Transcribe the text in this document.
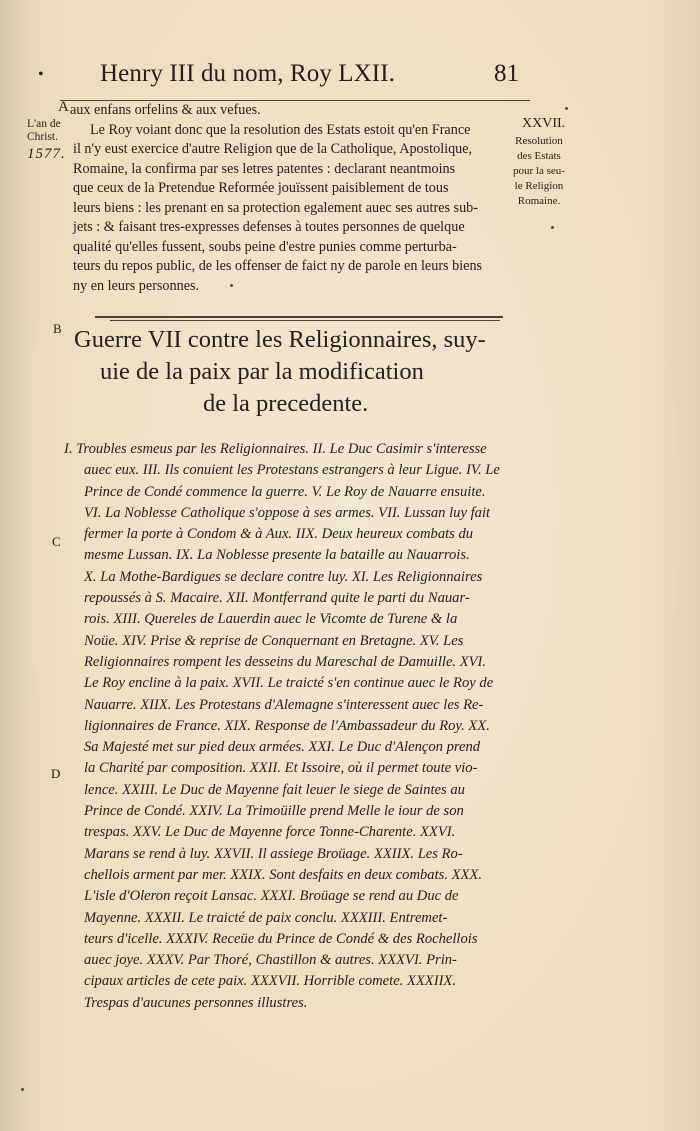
• Henry III du nom, Roy LXII.	81
A
L'an de
Christ.
1577.
XXVII.
Resolution
des Estats
pour la seu-
le Religion
Romaine.
aux enfans orfelins & aux vefues.
Le Roy voiant donc que la resolution des Estats estoit qu'en France
il n'y eust exercice d'autre Religion que de la Catholique, Apostolique,
Romaine, la confirma par ses letres patentes : declarant neantmoins
que ceux de la Pretendue Reformée jouïssent paisiblement de tous
leurs biens : les prenant en sa protection egalement auec ses autres sub-
jets : & faisant tres-expresses defenses à toutes personnes de quelque
qualité qu'elles fussent, soubs peine d'estre punies comme perturba-
teurs du repos public, de les offenser de faict ny de parole en leurs biens
ny en leurs personnes.
B Guerre VII contre les Religionnaires, suy-
uie de la paix par la modification
de la precedente.
C
D
I. Troubles esmeus par les Religionnaires. II. Le Duc Casimir s'interesse
auec eux. III. Ils conuient les Protestans estrangers à leur Ligue. IV. Le
Prince de Condé commence la guerre. V. Le Roy de Nauarre ensuite.
VI. La Noblesse Catholique s'oppose à ses armes. VII. Lussan luy fait
fermer la porte à Condom & à Aux. IIX. Deux heureux combats du
mesme Lussan. IX. La Noblesse presente la bataille au Nauarrois.
X. La Mothe-Bardigues se declare contre luy. XI. Les Religionnaires
repoussés à S. Macaire. XII. Montferrand quite le parti du Nauar-
rois. XIII. Quereles de Lauerdin auec le Vicomte de Turene & la
Noüe. XIV. Prise & reprise de Conquernant en Bretagne. XV. Les
Religionnaires rompent les desseins du Mareschal de Damuille. XVI.
Le Roy encline à la paix. XVII. Le traicté s'en continue auec le Roy de
Nauarre. XIIX. Les Protestans d'Alemagne s'interessent auec les Re-
ligionnaires de France. XIX. Response de l'Ambassadeur du Roy. XX.
Sa Majesté met sur pied deux armées. XXI. Le Duc d'Alençon prend
la Charité par composition. XXII. Et Issoire, où il permet toute vio-
lence. XXIII. Le Duc de Mayenne fait leuer le siege de Saintes au
Prince de Condé. XXIV. La Trimoüille prend Melle le iour de son
trespas. XXV. Le Duc de Mayenne force Tonne-Charente. XXVI.
Marans se rend à luy. XXVII. Il assiege Broüage. XXIIX. Les Ro-
chellois arment par mer. XXIX. Sont desfaits en deux combats. XXX.
L'isle d'Oleron reçoit Lansac. XXXI. Broüage se rend au Duc de
Mayenne. XXXII. Le traicté de paix conclu. XXXIII. Entremet-
teurs d'icelle. XXXIV. Receüe du Prince de Condé & des Rochellois
auec joye. XXXV. Par Thoré, Chastillon & autres. XXXVI. Prin-
cipaux articles de cete paix. XXXVII. Horrible comete. XXXIIX.
Trespas d'aucunes personnes illustres.
